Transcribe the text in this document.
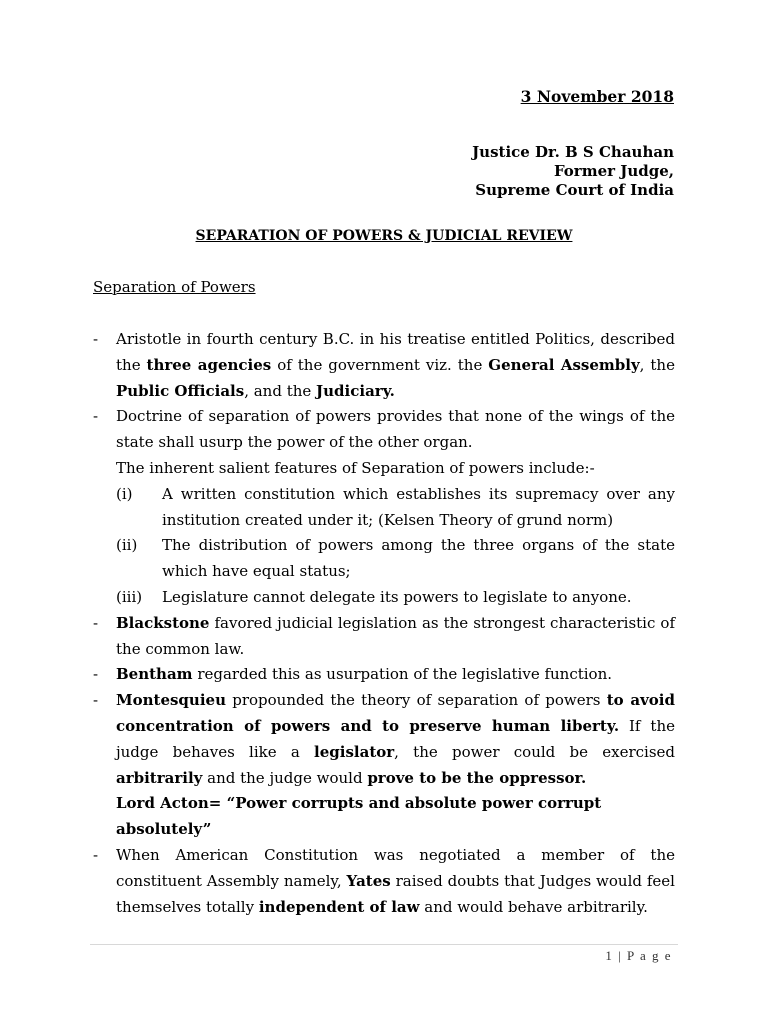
3 November 2018
Justice Dr. B S Chauhan
Former Judge,
Supreme Court of India
SEPARATION OF POWERS & JUDICIAL REVIEW
Separation of Powers
- Aristotle in fourth century B.C. in his treatise entitled Politics, described the three agencies of the government viz. the General Assembly, the Public Officials, and the Judiciary.
- Doctrine of separation of powers provides that none of the wings of the state shall usurp the power of the other organ.
The inherent salient features of Separation of powers include:-
(i) A written constitution which establishes its supremacy over any institution created under it; (Kelsen Theory of grund norm)
(ii) The distribution of powers among the three organs of the state which have equal status;
(iii) Legislature cannot delegate its powers to legislate to anyone.
- Blackstone favored judicial legislation as the strongest characteristic of the common law.
- Bentham regarded this as usurpation of the legislative function.
- Montesquieu propounded the theory of separation of powers to avoid concentration of powers and to preserve human liberty. If the judge behaves like a legislator, the power could be exercised arbitrarily and the judge would prove to be the oppressor.
Lord Acton= “Power corrupts and absolute power corrupt absolutely”
- When American Constitution was negotiated a member of the constituent Assembly namely, Yates raised doubts that Judges would feel themselves totally independent of law and would behave arbitrarily.
1 | P a g e
